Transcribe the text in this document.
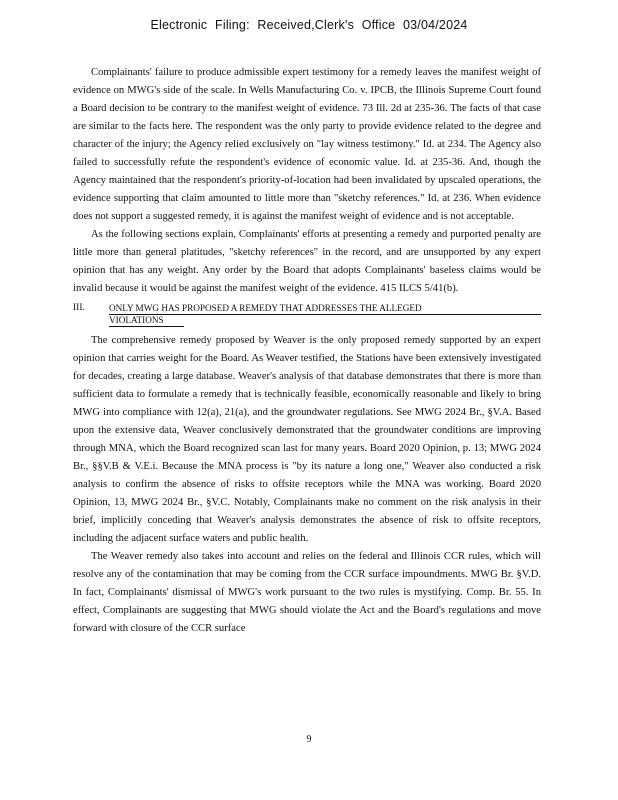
Electronic Filing: Received,Clerk's Office 03/04/2024

Complainants' failure to produce admissible expert testimony for a remedy leaves the manifest weight of evidence on MWG's side of the scale. In Wells Manufacturing Co. v. IPCB, the Illinois Supreme Court found a Board decision to be contrary to the manifest weight of evidence. 73 Ill. 2d at 235-36. The facts of that case are similar to the facts here. The respondent was the only party to provide evidence related to the degree and character of the injury; the Agency relied exclusively on "lay witness testimony." Id. at 234. The Agency also failed to successfully refute the respondent's evidence of economic value. Id. at 235-36. And, though the Agency maintained that the respondent's priority-of-location had been invalidated by upscaled operations, the evidence supporting that claim amounted to little more than "sketchy references." Id. at 236. When evidence does not support a suggested remedy, it is against the manifest weight of evidence and is not acceptable.

As the following sections explain, Complainants' efforts at presenting a remedy and purported penalty are little more than general platitudes, "sketchy references" in the record, and are unsupported by any expert opinion that has any weight. Any order by the Board that adopts Complainants' baseless claims would be invalid because it would be against the manifest weight of the evidence. 415 ILCS 5/41(b).

III.	ONLY MWG HAS PROPOSED A REMEDY THAT ADDRESSES THE ALLEGED
VIOLATIONS

The comprehensive remedy proposed by Weaver is the only proposed remedy supported by an expert opinion that carries weight for the Board. As Weaver testified, the Stations have been extensively investigated for decades, creating a large database. Weaver's analysis of that database demonstrates that there is more than sufficient data to formulate a remedy that is technically feasible, economically reasonable and likely to bring MWG into compliance with 12(a), 21(a), and the groundwater regulations. See MWG 2024 Br., §V.A. Based upon the extensive data, Weaver conclusively demonstrated that the groundwater conditions are improving through MNA, which the Board recognized scan last for many years. Board 2020 Opinion, p. 13; MWG 2024 Br., §§V.B & V.E.i. Because the MNA process is "by its nature a long one," Weaver also conducted a risk analysis to confirm the absence of risks to offsite receptors while the MNA was working. Board 2020 Opinion, 13, MWG 2024 Br., §V.C. Notably, Complainants make no comment on the risk analysis in their brief, implicitly conceding that Weaver's analysis demonstrates the absence of risk to offsite receptors, including the adjacent surface waters and public health.

The Weaver remedy also takes into account and relies on the federal and Illinois CCR rules, which will resolve any of the contamination that may be coming from the CCR surface impoundments. MWG Br. §V.D. In fact, Complainants' dismissal of MWG's work pursuant to the two rules is mystifying. Comp. Br. 55. In effect, Complainants are suggesting that MWG should violate the Act and the Board's regulations and move forward with closure of the CCR surface

9
